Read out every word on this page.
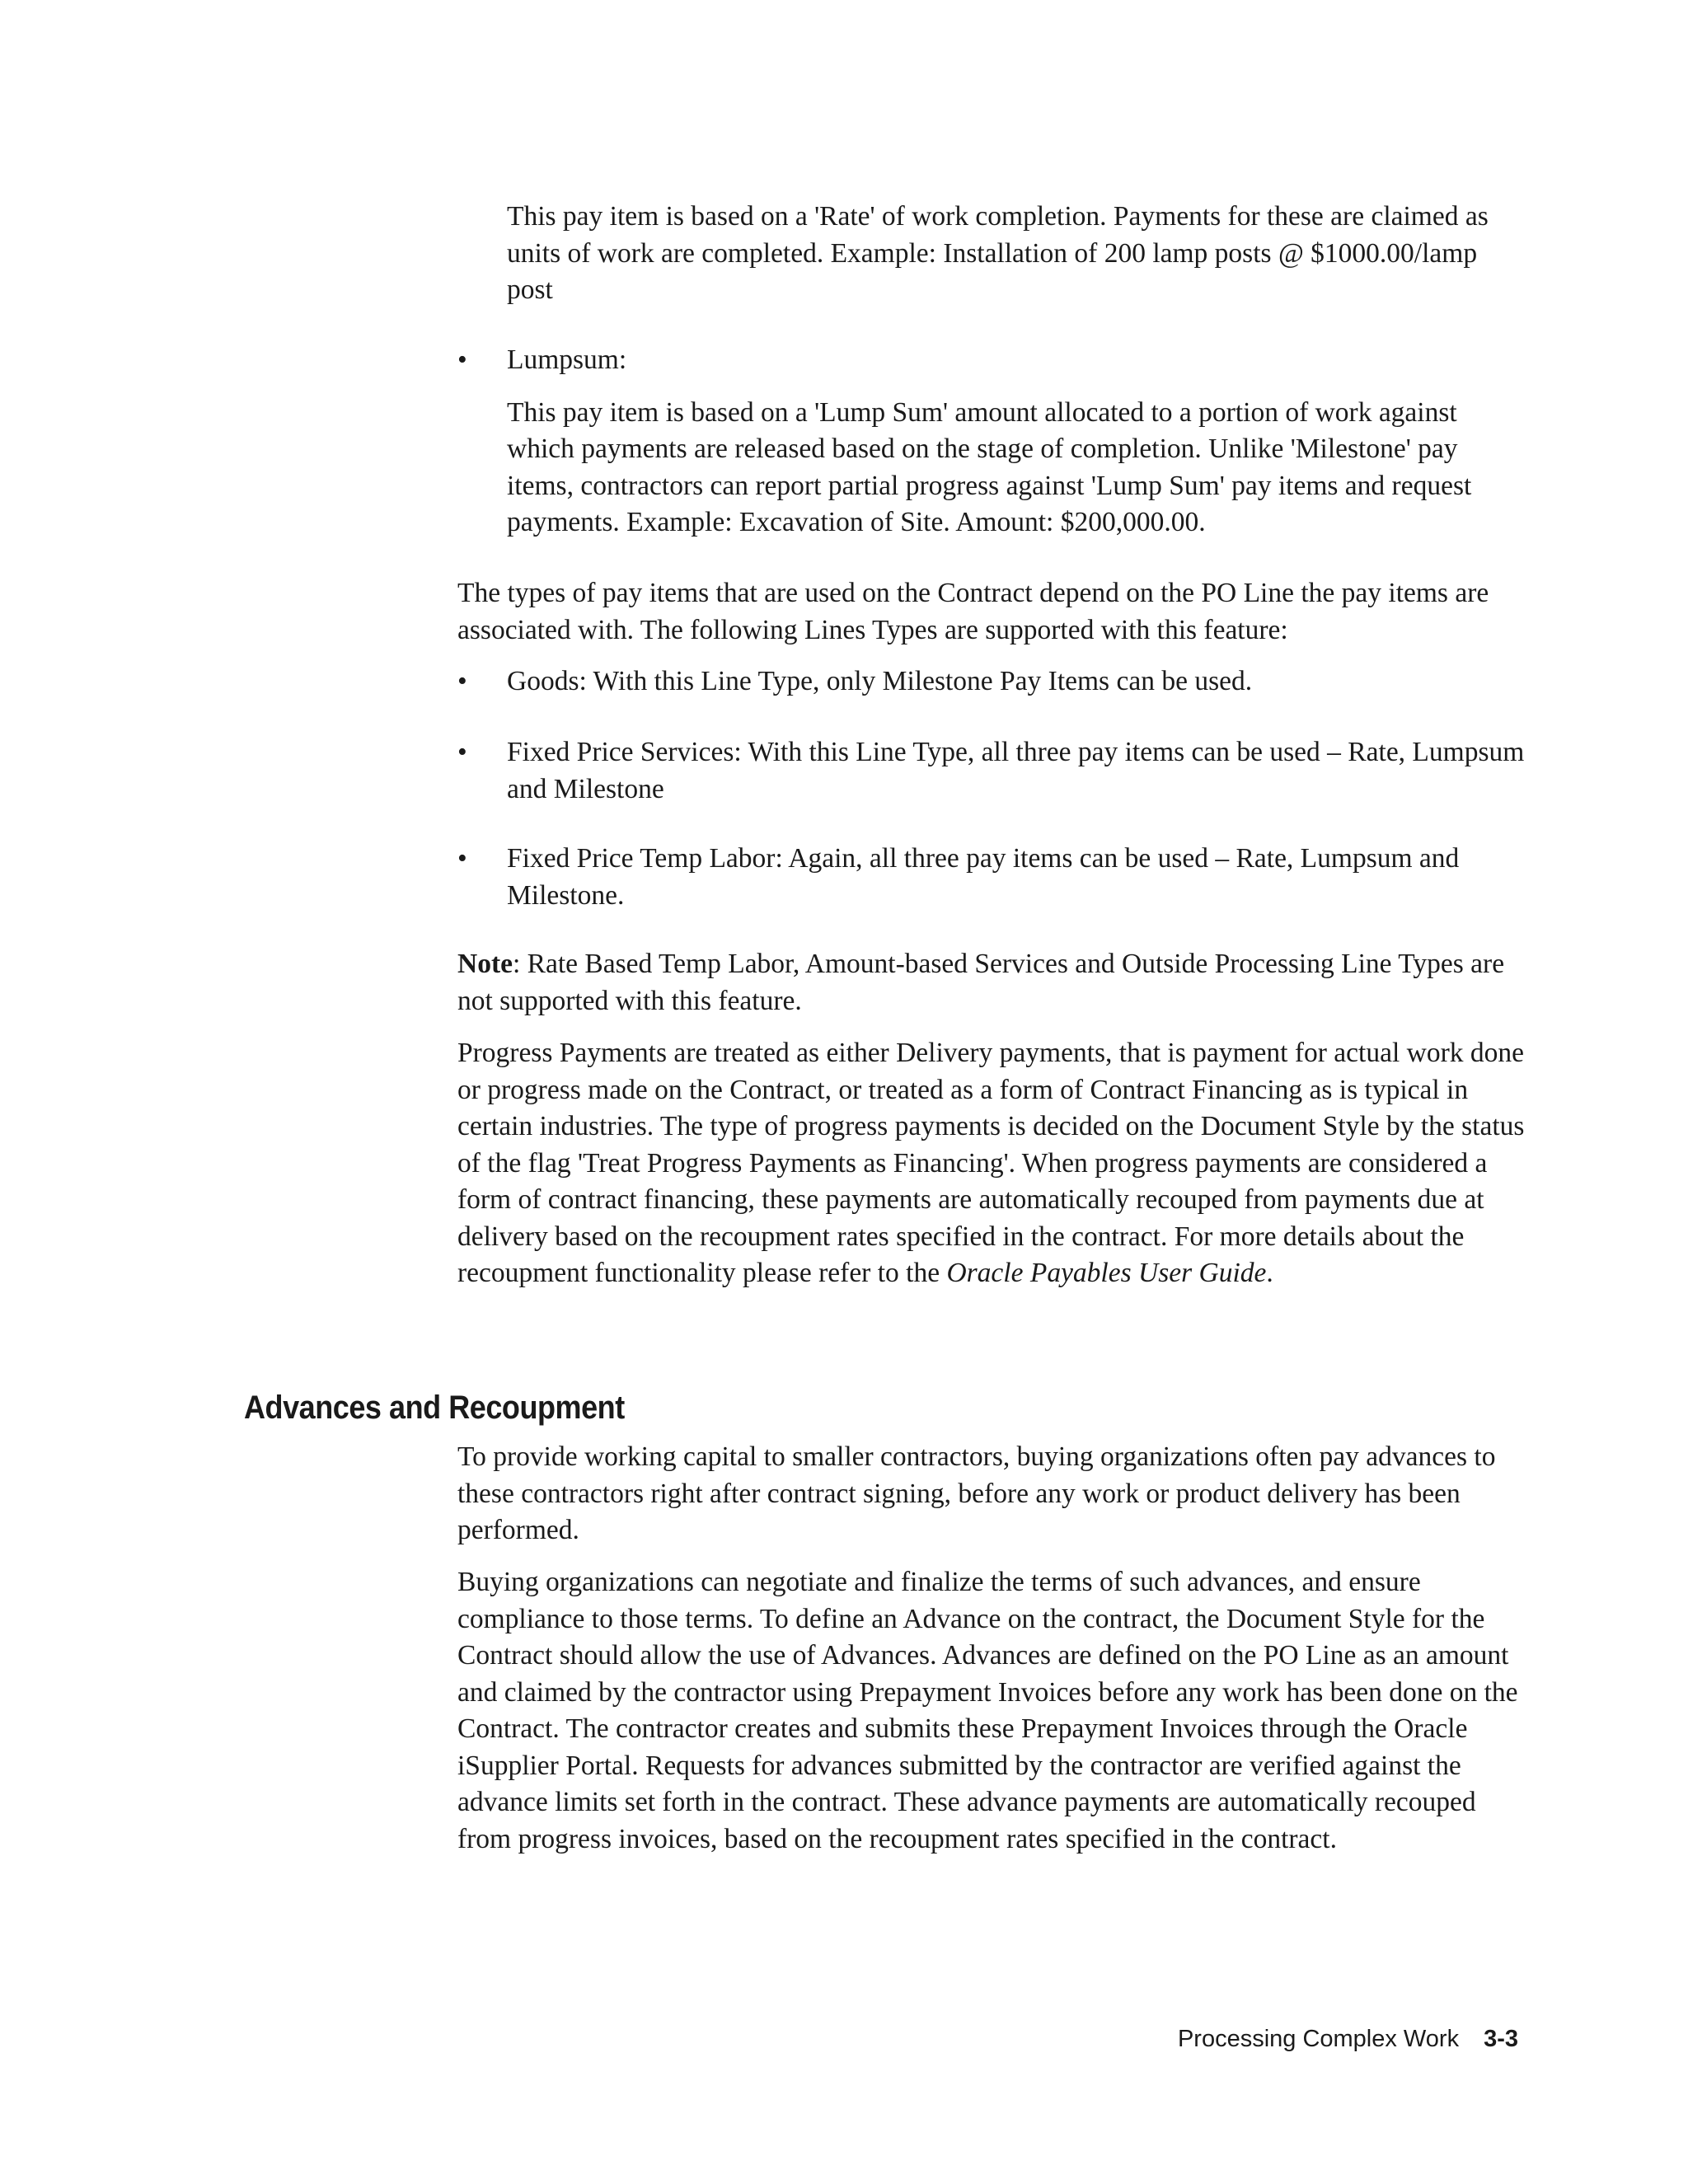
This pay item is based on a 'Rate' of work completion. Payments for these are claimed as units of work are completed. Example: Installation of 200 lamp posts @ $1000.00/lamp post

• Lumpsum:

This pay item is based on a 'Lump Sum' amount allocated to a portion of work against which payments are released based on the stage of completion. Unlike 'Milestone' pay items, contractors can report partial progress against 'Lump Sum' pay items and request payments. Example: Excavation of Site. Amount: $200,000.00.

The types of pay items that are used on the Contract depend on the PO Line the pay items are associated with. The following Lines Types are supported with this feature:

• Goods: With this Line Type, only Milestone Pay Items can be used.
• Fixed Price Services: With this Line Type, all three pay items can be used – Rate, Lumpsum and Milestone
• Fixed Price Temp Labor: Again, all three pay items can be used – Rate, Lumpsum and Milestone.

Note: Rate Based Temp Labor, Amount-based Services and Outside Processing Line Types are not supported with this feature.

Progress Payments are treated as either Delivery payments, that is payment for actual work done or progress made on the Contract, or treated as a form of Contract Financing as is typical in certain industries. The type of progress payments is decided on the Document Style by the status of the flag 'Treat Progress Payments as Financing'. When progress payments are considered a form of contract financing, these payments are automatically recouped from payments due at delivery based on the recoupment rates specified in the contract. For more details about the recoupment functionality please refer to the Oracle Payables User Guide.

Advances and Recoupment

To provide working capital to smaller contractors, buying organizations often pay advances to these contractors right after contract signing, before any work or product delivery has been performed.

Buying organizations can negotiate and finalize the terms of such advances, and ensure compliance to those terms. To define an Advance on the contract, the Document Style for the Contract should allow the use of Advances. Advances are defined on the PO Line as an amount and claimed by the contractor using Prepayment Invoices before any work has been done on the Contract. The contractor creates and submits these Prepayment Invoices through the Oracle iSupplier Portal. Requests for advances submitted by the contractor are verified against the advance limits set forth in the contract. These advance payments are automatically recouped from progress invoices, based on the recoupment rates specified in the contract.

Processing Complex Work 3-3
